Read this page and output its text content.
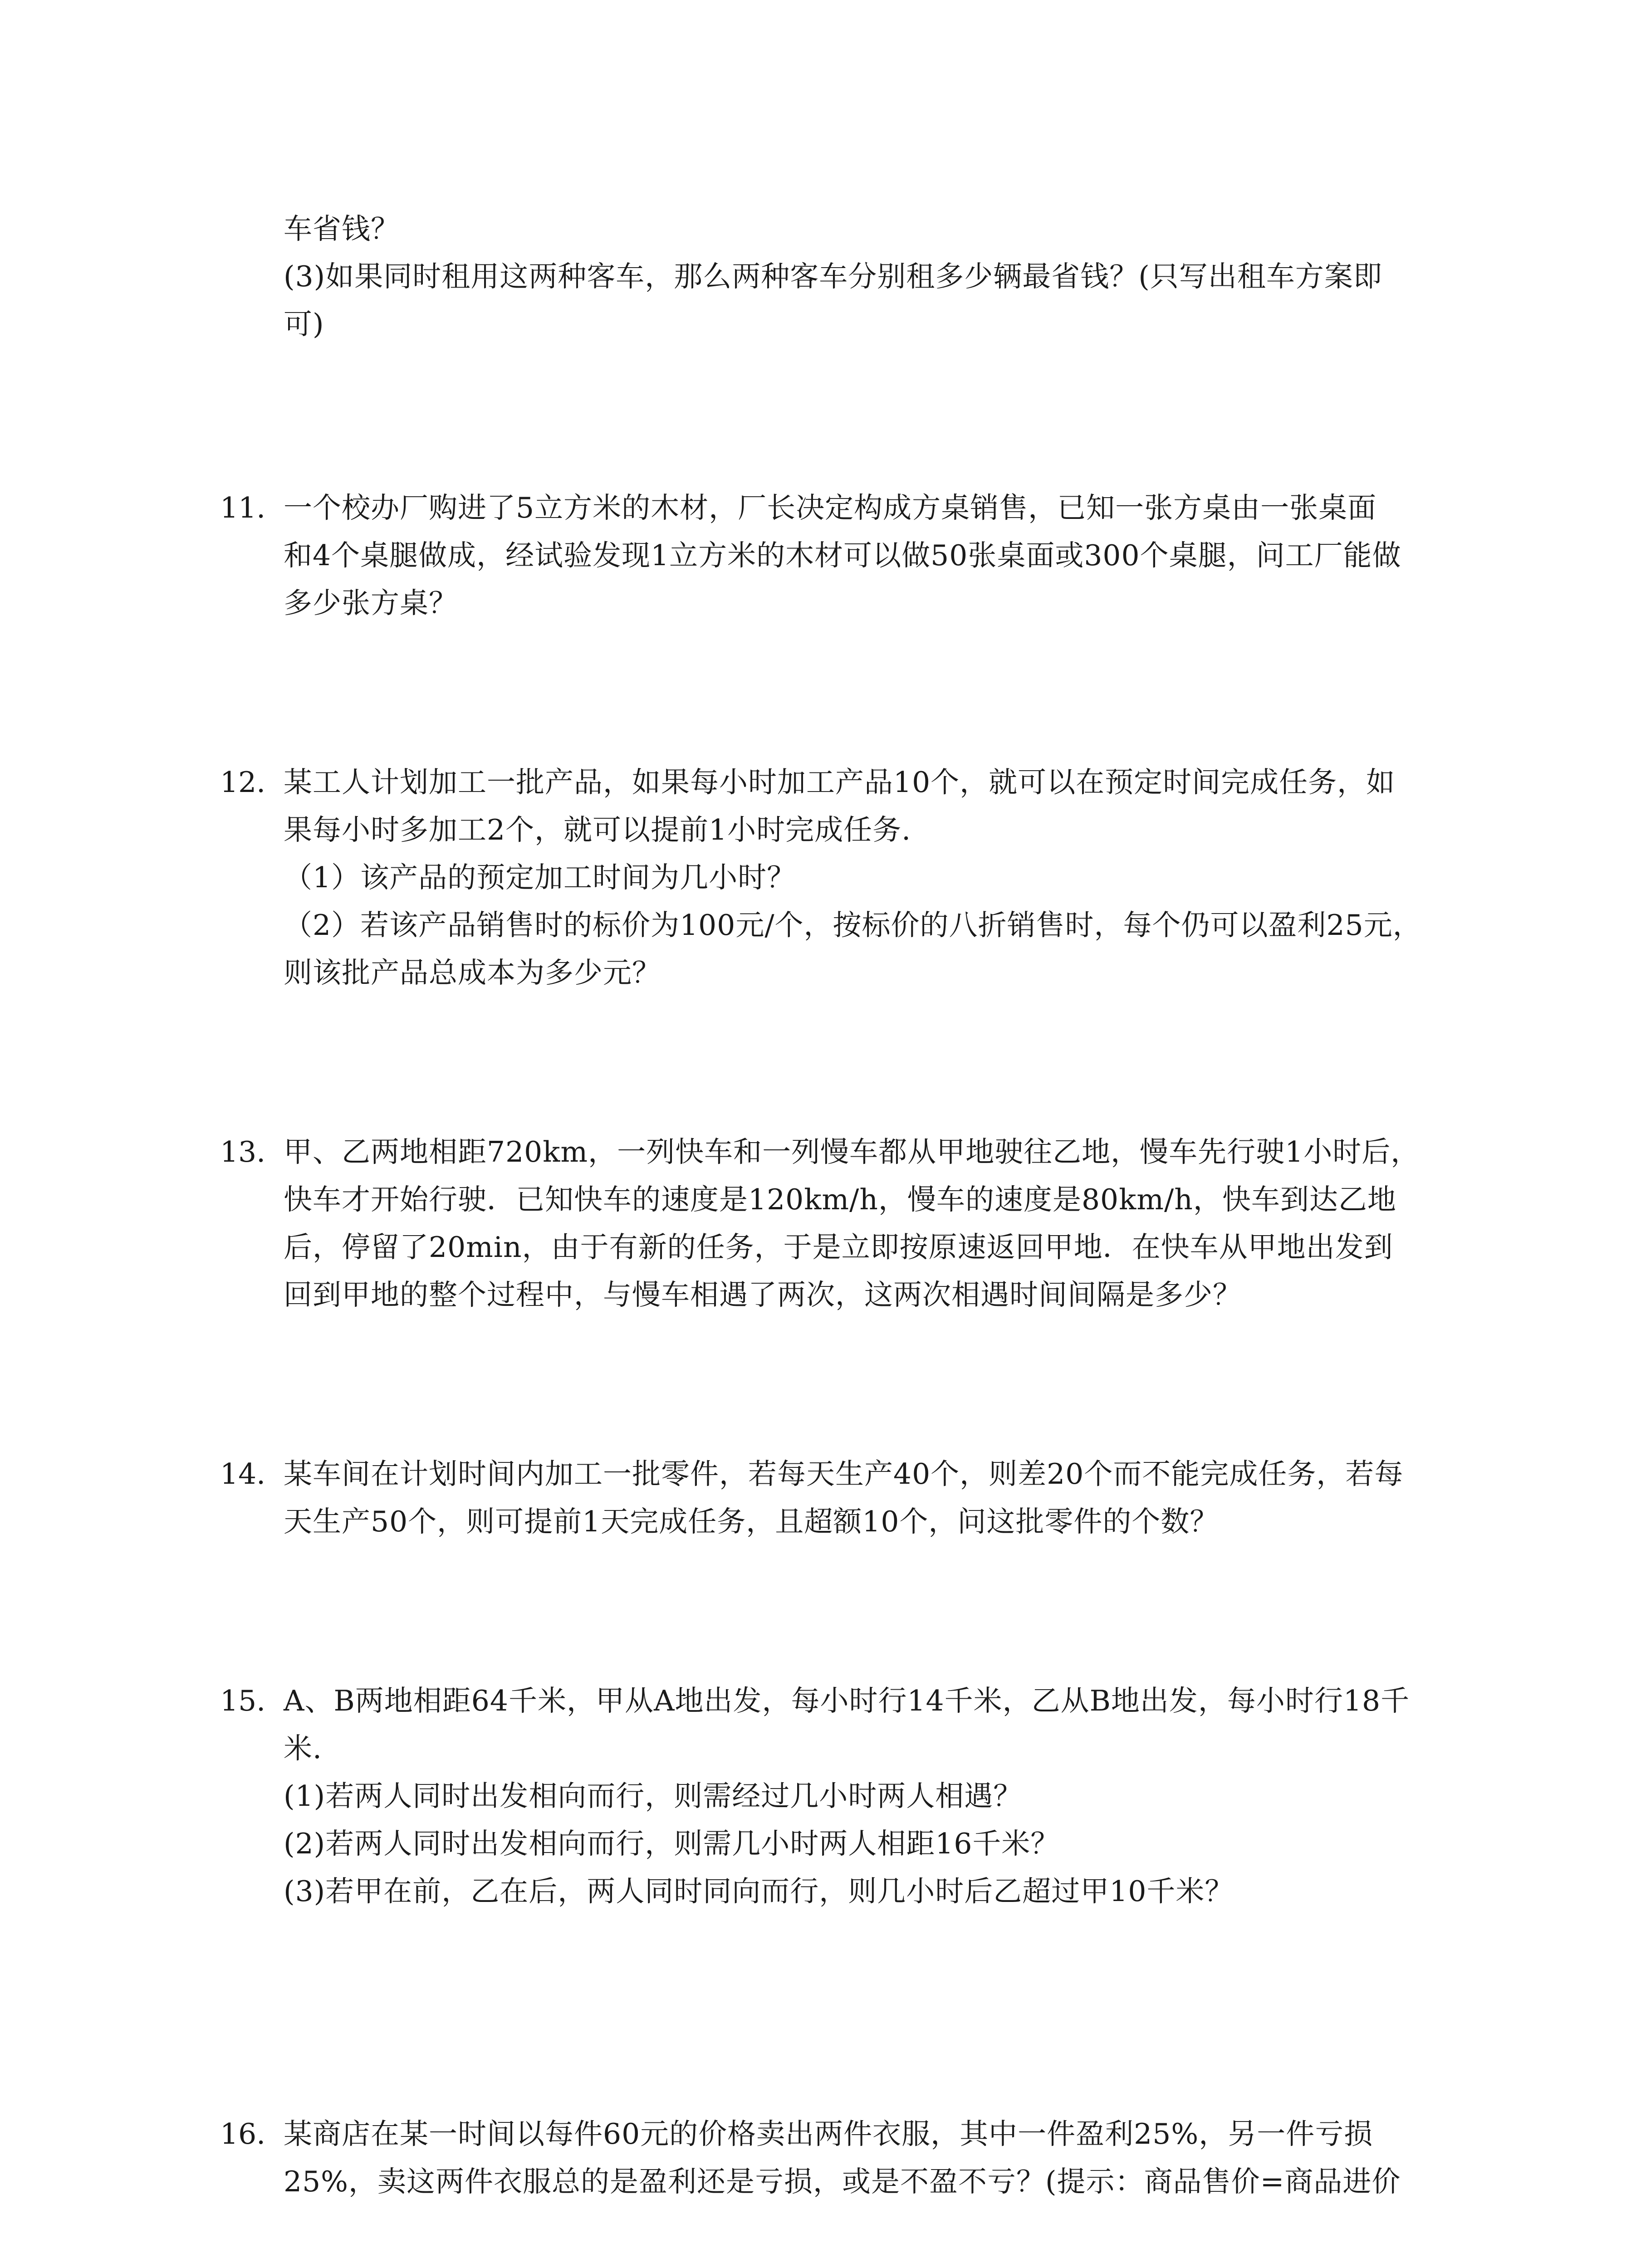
车省钱？
(3)如果同时租用这两种客车，那么两种客车分别租多少辆最省钱？(只写出租车方案即
可)
11. 一个校办厂购进了5立方米的木材，厂长决定构成方桌销售，已知一张方桌由一张桌面
和4个桌腿做成，经试验发现1立方米的木材可以做50张桌面或300个桌腿，问工厂能做
多少张方桌？
12. 某工人计划加工一批产品，如果每小时加工产品10个，就可以在预定时间完成任务，如
果每小时多加工2个，就可以提前1小时完成任务.
（1）该产品的预定加工时间为几小时？
（2）若该产品销售时的标价为100元/个，按标价的八折销售时，每个仍可以盈利25元，
则该批产品总成本为多少元？
13. 甲、乙两地相距720km，一列快车和一列慢车都从甲地驶往乙地，慢车先行驶1小时后，
快车才开始行驶．已知快车的速度是120km/h，慢车的速度是80km/h，快车到达乙地
后，停留了20min，由于有新的任务，于是立即按原速返回甲地．在快车从甲地出发到
回到甲地的整个过程中，与慢车相遇了两次，这两次相遇时间间隔是多少？
14. 某车间在计划时间内加工一批零件，若每天生产40个，则差20个而不能完成任务，若每
天生产50个，则可提前1天完成任务，且超额10个，问这批零件的个数？
15. A、B两地相距64千米，甲从A地出发，每小时行14千米，乙从B地出发，每小时行18千
米.
(1)若两人同时出发相向而行，则需经过几小时两人相遇？
(2)若两人同时出发相向而行，则需几小时两人相距16千米？
(3)若甲在前，乙在后，两人同时同向而行，则几小时后乙超过甲10千米？
16. 某商店在某一时间以每件60元的价格卖出两件衣服，其中一件盈利25%，另一件亏损
25%，卖这两件衣服总的是盈利还是亏损，或是不盈不亏？(提示：商品售价=商品进价
